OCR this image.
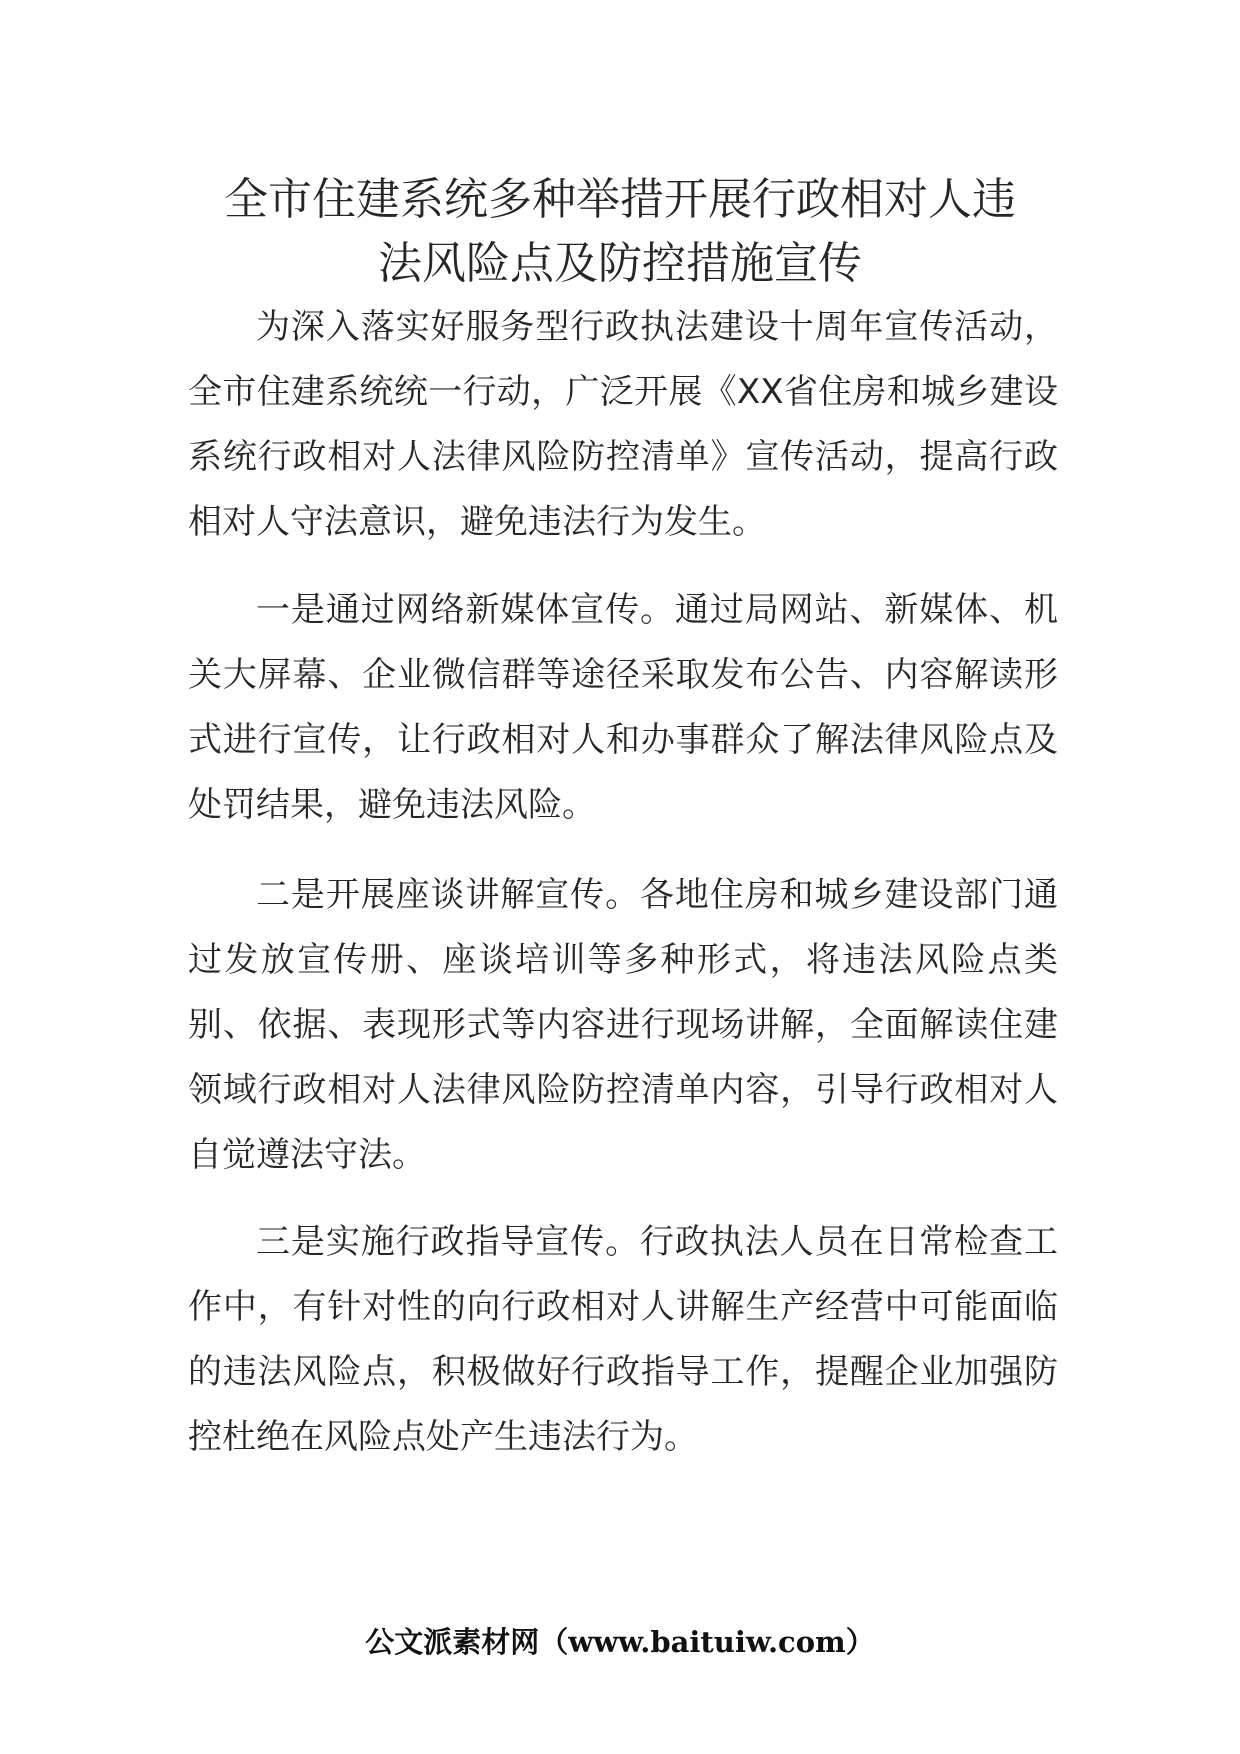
全市住建系统多种举措开展行政相对人违
法风险点及防控措施宣传

为深入落实好服务型行政执法建设十周年宣传活动，全市住建系统统一行动，广泛开展《XX省住房和城乡建设系统行政相对人法律风险防控清单》宣传活动，提高行政相对人守法意识，避免违法行为发生。

一是通过网络新媒体宣传。通过局网站、新媒体、机关大屏幕、企业微信群等途径采取发布公告、内容解读形式进行宣传，让行政相对人和办事群众了解法律风险点及处罚结果，避免违法风险。

二是开展座谈讲解宣传。各地住房和城乡建设部门通过发放宣传册、座谈培训等多种形式，将违法风险点类别、依据、表现形式等内容进行现场讲解，全面解读住建领域行政相对人法律风险防控清单内容，引导行政相对人自觉遵法守法。

三是实施行政指导宣传。行政执法人员在日常检查工作中，有针对性的向行政相对人讲解生产经营中可能面临的违法风险点，积极做好行政指导工作，提醒企业加强防控杜绝在风险点处产生违法行为。

公文派素材网（www.baituiw.com）
